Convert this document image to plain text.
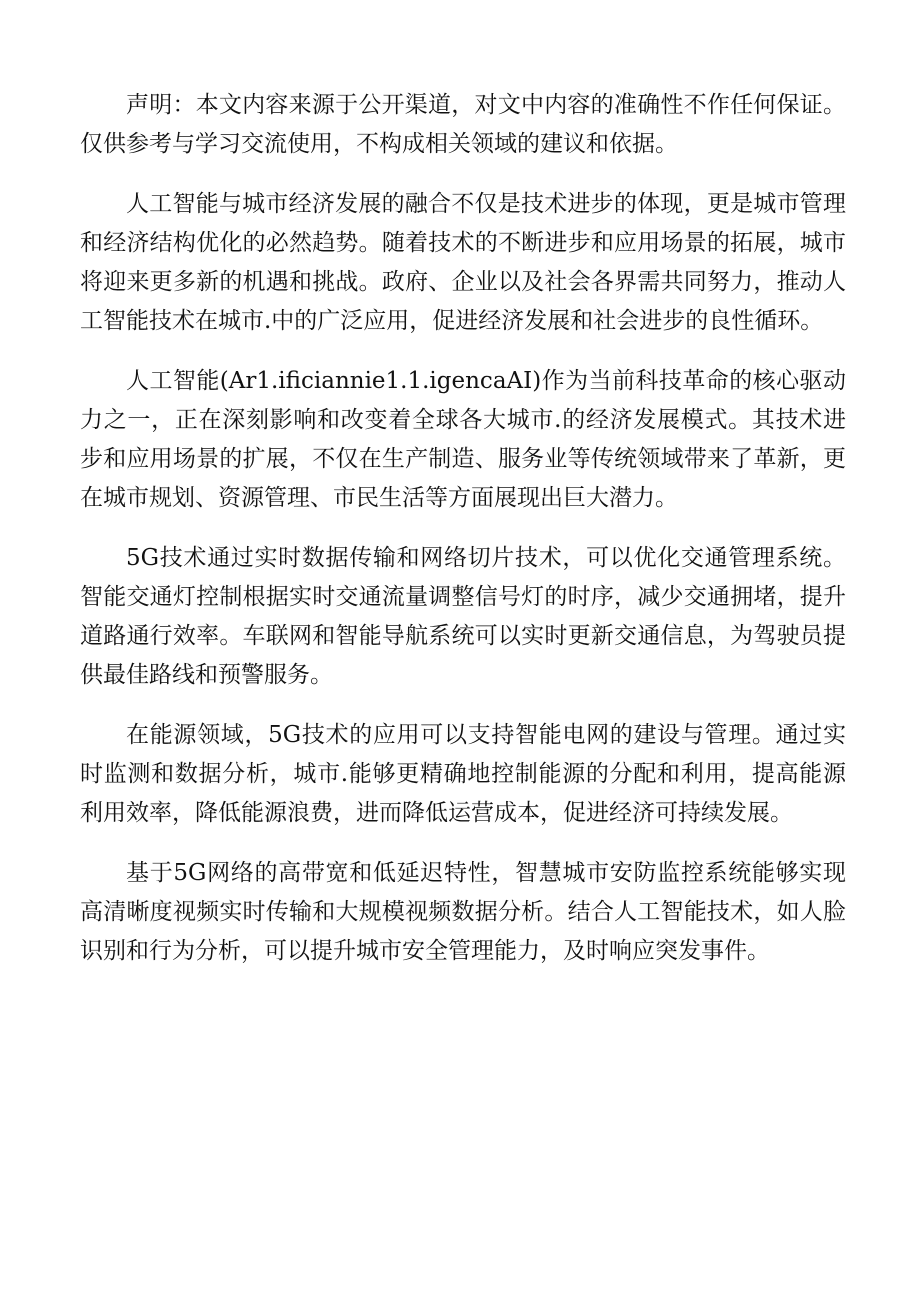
声明：本文内容来源于公开渠道，对文中内容的准确性不作任何保证。仅供参考与学习交流使用，不构成相关领域的建议和依据。

人工智能与城市经济发展的融合不仅是技术进步的体现，更是城市管理和经济结构优化的必然趋势。随着技术的不断进步和应用场景的拓展，城市将迎来更多新的机遇和挑战。政府、企业以及社会各界需共同努力，推动人工智能技术在城市.中的广泛应用，促进经济发展和社会进步的良性循环。

人工智能(Ar1.ificiannie1.1.igencaAI)作为当前科技革命的核心驱动力之一，正在深刻影响和改变着全球各大城市.的经济发展模式。其技术进步和应用场景的扩展，不仅在生产制造、服务业等传统领域带来了革新，更在城市规划、资源管理、市民生活等方面展现出巨大潜力。

5G技术通过实时数据传输和网络切片技术，可以优化交通管理系统。智能交通灯控制根据实时交通流量调整信号灯的时序，减少交通拥堵，提升道路通行效率。车联网和智能导航系统可以实时更新交通信息，为驾驶员提供最佳路线和预警服务。

在能源领域，5G技术的应用可以支持智能电网的建设与管理。通过实时监测和数据分析，城市.能够更精确地控制能源的分配和利用，提高能源利用效率，降低能源浪费，进而降低运营成本，促进经济可持续发展。

基于5G网络的高带宽和低延迟特性，智慧城市安防监控系统能够实现高清晰度视频实时传输和大规模视频数据分析。结合人工智能技术，如人脸识别和行为分析，可以提升城市安全管理能力，及时响应突发事件。
